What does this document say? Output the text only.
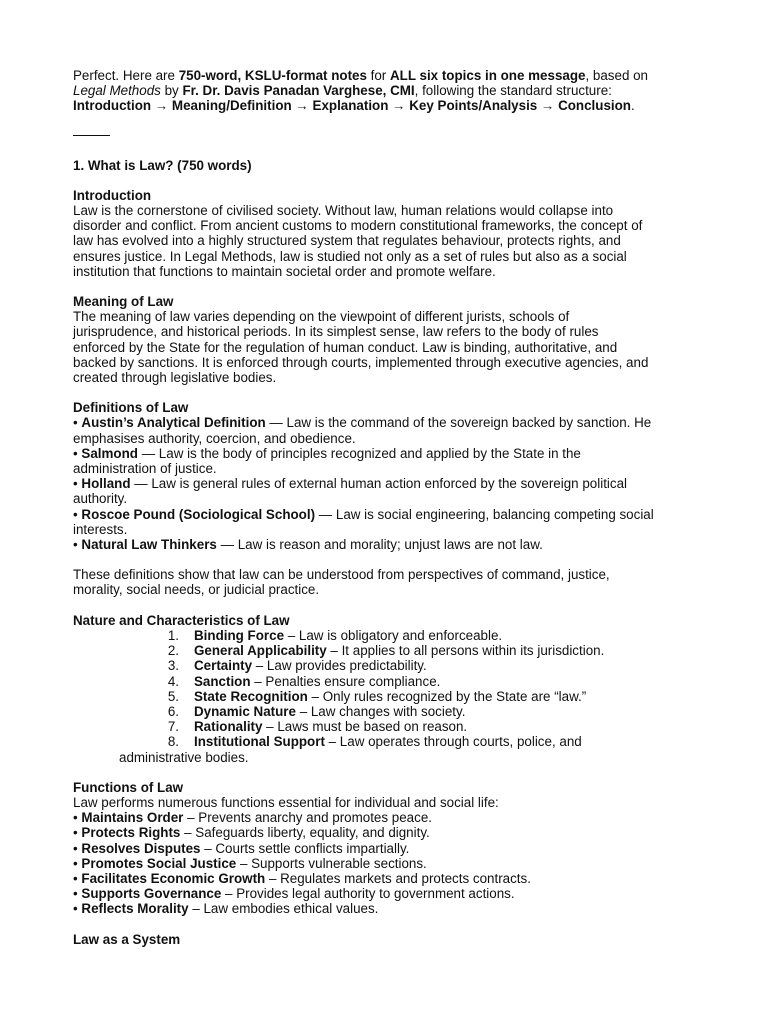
Perfect. Here are 750-word, KSLU-format notes for ALL six topics in one message, based on

Legal Methods by Fr. Dr. Davis Panadan Varghese, CMI, following the standard structure:

Introduction → Meaning/Definition → Explanation → Key Points/Analysis → Conclusion.

1. What is Law? (750 words)

Introduction

Law is the cornerstone of civilised society. Without law, human relations would collapse into

disorder and conflict. From ancient customs to modern constitutional frameworks, the concept of

law has evolved into a highly structured system that regulates behaviour, protects rights, and

ensures justice. In Legal Methods, law is studied not only as a set of rules but also as a social

institution that functions to maintain societal order and promote welfare.

Meaning of Law

The meaning of law varies depending on the viewpoint of different jurists, schools of

jurisprudence, and historical periods. In its simplest sense, law refers to the body of rules

enforced by the State for the regulation of human conduct. Law is binding, authoritative, and

backed by sanctions. It is enforced through courts, implemented through executive agencies, and

created through legislative bodies.

Definitions of Law

• Austin’s Analytical Definition — Law is the command of the sovereign backed by sanction. He

emphasises authority, coercion, and obedience.

• Salmond — Law is the body of principles recognized and applied by the State in the

administration of justice.

• Holland — Law is general rules of external human action enforced by the sovereign political

authority.

• Roscoe Pound (Sociological School) — Law is social engineering, balancing competing social

interests.

• Natural Law Thinkers — Law is reason and morality; unjust laws are not law.

These definitions show that law can be understood from perspectives of command, justice,

morality, social needs, or judicial practice.

Nature and Characteristics of Law

1.	Binding Force – Law is obligatory and enforceable.
2.	General Applicability – It applies to all persons within its jurisdiction.
3.	Certainty – Law provides predictability.
4.	Sanction – Penalties ensure compliance.
5.	State Recognition – Only rules recognized by the State are “law.”
6.	Dynamic Nature – Law changes with society.
7.	Rationality – Laws must be based on reason.
8.	Institutional Support – Law operates through courts, police, and

administrative bodies.

Functions of Law

Law performs numerous functions essential for individual and social life:

• Maintains Order – Prevents anarchy and promotes peace.

• Protects Rights – Safeguards liberty, equality, and dignity.

• Resolves Disputes – Courts settle conflicts impartially.

• Promotes Social Justice – Supports vulnerable sections.

• Facilitates Economic Growth – Regulates markets and protects contracts.

• Supports Governance – Provides legal authority to government actions.

• Reflects Morality – Law embodies ethical values.

Law as a System
